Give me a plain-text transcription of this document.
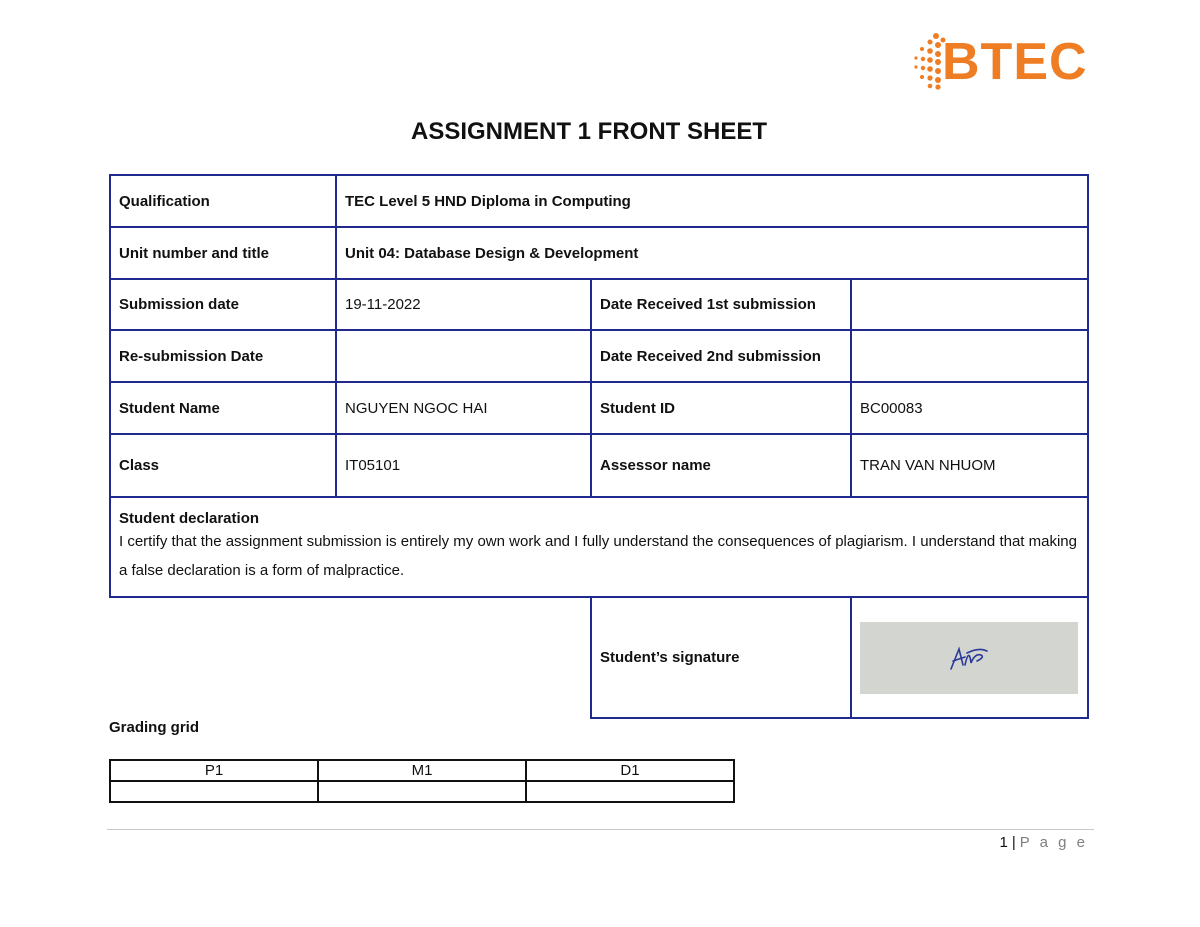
BTEC
ASSIGNMENT 1 FRONT SHEET
Qualification	TEC Level 5 HND Diploma in Computing		
Unit number and title	Unit 04: Database Design & Development		
Submission date	19-11-2022	Date Received 1st submission	
Re-submission Date		Date Received 2nd submission	
Student Name	NGUYEN NGOC HAI	Student ID	BC00083
Class	IT05101	Assessor name	TRAN VAN NHUOM

Student declaration
I certify that the assignment submission is entirely my own work and I fully understand the consequences of plagiarism. I understand that making a false declaration is a form of malpractice.			

		Student’s signature	
Grading grid
P1	M1	D1

1 | P a g e
